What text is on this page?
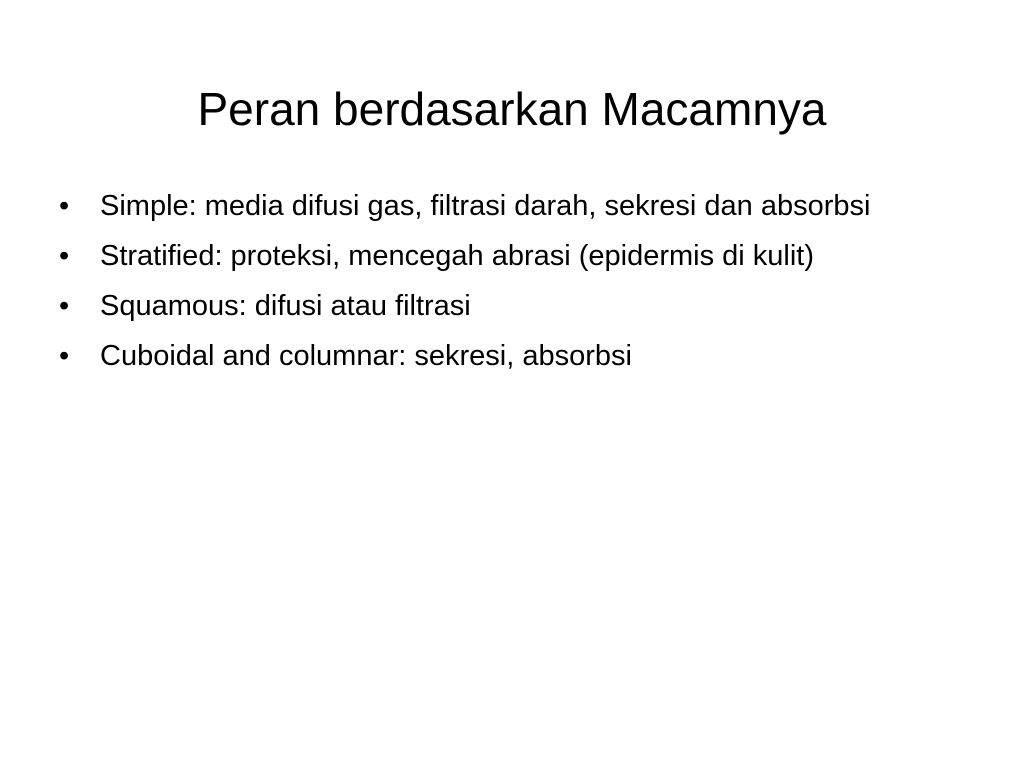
Peran berdasarkan Macamnya
• Simple: media difusi gas, filtrasi darah, sekresi dan absorbsi
• Stratified: proteksi, mencegah abrasi (epidermis di kulit)
• Squamous: difusi atau filtrasi
• Cuboidal and columnar: sekresi, absorbsi
